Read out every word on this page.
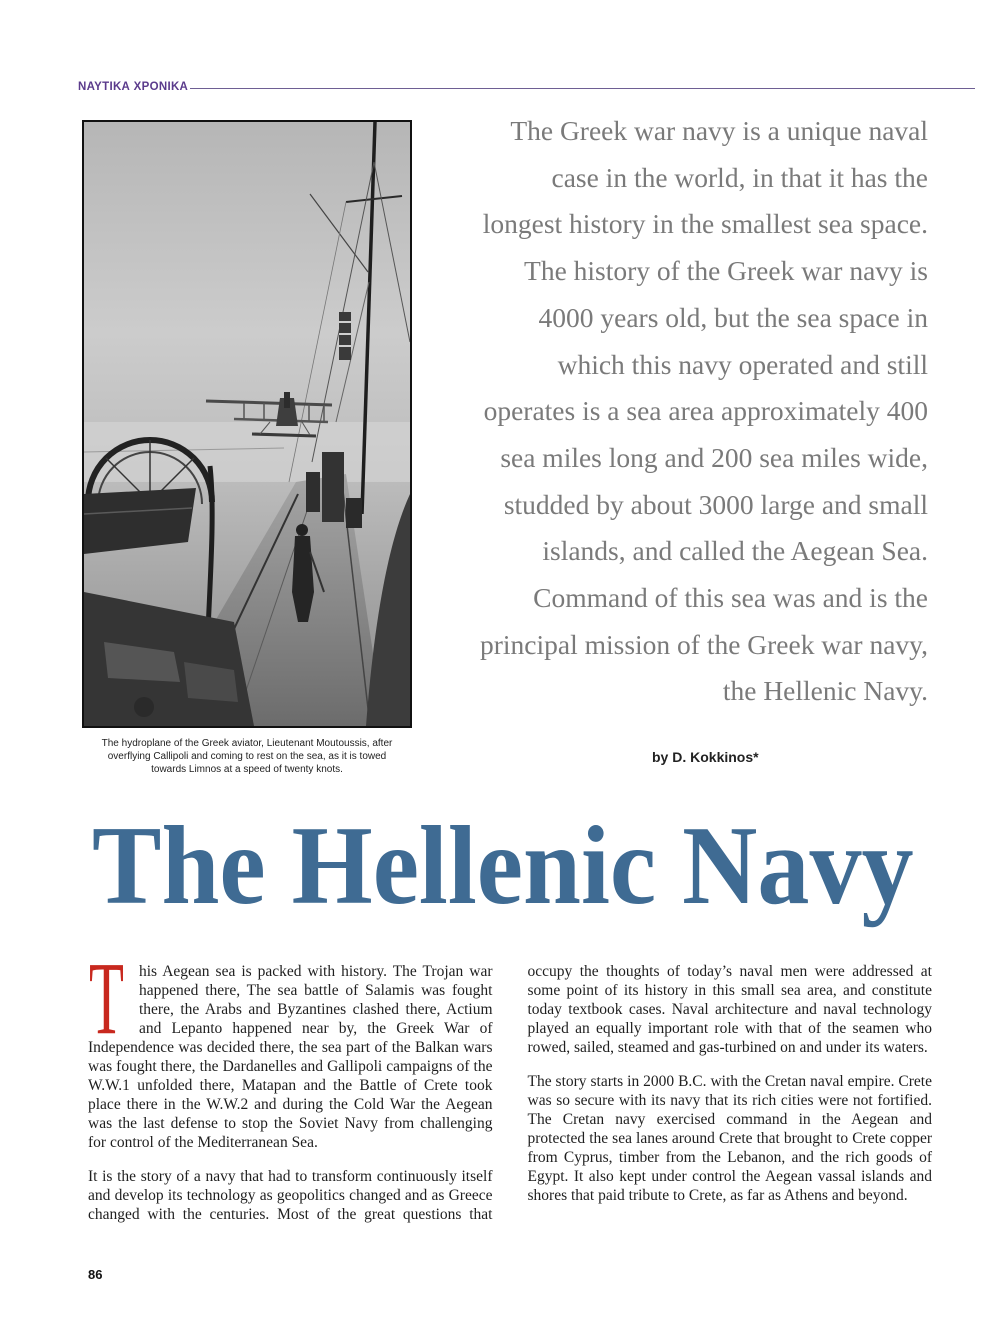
ΝΑΥΤΙΚΑ ΧΡΟΝΙΚΑ
The hydroplane of the Greek aviator, Lieutenant Moutoussis, after
overflying Callipoli and coming to rest on the sea, as it is towed
towards Limnos at a speed of twenty knots.
The Greek war navy is a unique naval
case in the world, in that it has the
longest history in the smallest sea space.
The history of the Greek war navy is
4000 years old, but the sea space in
which this navy operated and still
operates is a sea area approximately 400
sea miles long and 200 sea miles wide,
studded by about 3000 large and small
islands, and called the Aegean Sea.
Command of this sea was and is the
principal mission of the Greek war navy,
the Hellenic Navy.
by D. Kokkinos*
The Hellenic Navy

T his Aegean sea is packed with history. The Trojan war happened there, The sea battle of Salamis was fought there, the Arabs and Byzantines clashed there, Actium and Lepanto happened near by, the Greek War of Independence was decided there, the sea part of the Balkan wars was fought there, the Dardanelles and Gallipoli campaigns of the W.W.1 unfolded there, Matapan and the Battle of Crete took place there in the W.W.2 and during the Cold War the Aegean was the last defense to stop the Soviet Navy from challenging for control of the Mediterranean Sea.

It is the story of a navy that had to transform continuously itself and develop its technology as geopolitics changed and as Greece changed with the centuries. Most of the great questions that occupy the thoughts of today’s naval men were addressed at some point of its history in this small sea area, and constitute today textbook cases. Naval architecture and naval technology played an equally important role with that of the seamen who rowed, sailed, steamed and gas-turbined on and under its waters.

The story starts in 2000 B.C. with the Cretan naval empire. Crete was so secure with its navy that its rich cities were not fortified. The Cretan navy exercised command in the Aegean and protected the sea lanes around Crete that brought to Crete copper from Cyprus, timber from the Lebanon, and the rich goods of Egypt. It also kept under control the Aegean vassal islands and shores that paid tribute to Crete, as far as Athens and beyond.

86
